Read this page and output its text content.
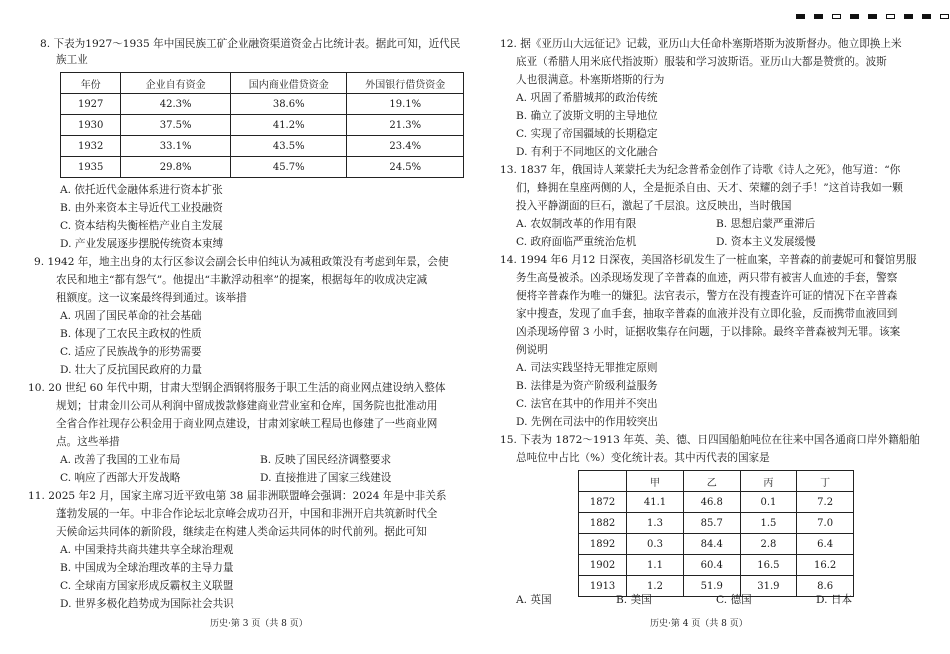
8. 下表为1927～1935 年中国民族工矿企业融资渠道资金占比统计表。据此可知，近代民
族工业
年份	企业自有资金	国内商业借贷资金	外国银行借贷资金
1927	42.3%	38.6%	19.1%
1930	37.5%	41.2%	21.3%
1932	33.1%	43.5%	23.4%
1935	29.8%	45.7%	24.5%
A. 依托近代金融体系进行资本扩张
B. 由外来资本主导近代工业投融资
C. 资本结构失衡桎梏产业自主发展
D. 产业发展逐步摆脱传统资本束缚
9. 1942 年，地主出身的太行区参议会副会长申伯纯认为减租政策没有考虑到年景，会使
农民和地主“都有怨气”。他提出“丰歉浮动租率”的提案，根据每年的收成决定减
租额度。这一议案最终得到通过。该举措
A. 巩固了国民革命的社会基础
B. 体现了工农民主政权的性质
C. 适应了民族战争的形势需要
D. 壮大了反抗国民政府的力量
10. 20 世纪 60 年代中期，甘肃大型钢企酒钢将服务于职工生活的商业网点建设纳入整体
规划；甘肃金川公司从利润中留成拨款修建商业营业室和仓库，国务院也批准动用
全省合作社现存公积金用于商业网点建设，甘肃刘家峡工程局也修建了一些商业网
点。这些举措
A. 改善了我国的工业布局	B. 反映了国民经济调整要求
C. 响应了西部大开发战略	D. 直接推进了国家三线建设
11. 2025 年2 月，国家主席习近平致电第 38 届非洲联盟峰会强调：2024 年是中非关系
蓬勃发展的一年。中非合作论坛北京峰会成功召开，中国和非洲开启共筑新时代全
天候命运共同体的新阶段，继续走在构建人类命运共同体的时代前列。据此可知
A. 中国秉持共商共建共享全球治理观
B. 中国成为全球治理改革的主导力量
C. 全球南方国家形成反霸权主义联盟
D. 世界多极化趋势成为国际社会共识
历史·第 3 页（共 8 页）
12. 据《亚历山大远征记》记载，亚历山大任命朴塞斯塔斯为波斯督办。他立即换上米
底亚（希腊人用米底代指波斯）服装和学习波斯语。亚历山大都是赞赏的。波斯
人也很满意。朴塞斯塔斯的行为
A. 巩固了希腊城邦的政治传统
B. 确立了波斯文明的主导地位
C. 实现了帝国疆域的长期稳定
D. 有利于不同地区的文化融合
13. 1837 年，俄国诗人莱蒙托夫为纪念普希金创作了诗歌《诗人之死》，他写道：“你
们，蜂拥在皇座两侧的人，全是扼杀自由、天才、荣耀的刽子手！”这首诗我如一颗
投入平静湖面的巨石，激起了千层浪。这反映出，当时俄国
A. 农奴制改革的作用有限	B. 思想启蒙严重滞后
C. 政府面临严重统治危机	D. 资本主义发展缓慢
14. 1994 年6 月12 日深夜，美国洛杉矶发生了一桩血案，辛普森的前妻妮可和餐馆男服
务生高曼被杀。凶杀现场发现了辛普森的血迹，两只带有被害人血迹的手套，警察
便将辛普森作为唯一的嫌犯。法官表示，警方在没有搜查许可证的情况下在辛普森
家中搜查，发现了血手套，抽取辛普森的血液并没有立即化验，反而携带血液回到
凶杀现场停留 3 小时，证据收集存在问题，于以排除。最终辛普森被判无罪。该案
例说明
A. 司法实践坚持无罪推定原则
B. 法律是为资产阶级利益服务
C. 法官在其中的作用并不突出
D. 先例在司法中的作用较突出
15. 下表为 1872～1913 年英、美、德、日四国船舶吨位在往来中国各通商口岸外籍船舶
总吨位中占比（%）变化统计表。其中丙代表的国家是
	甲	乙	丙	丁
1872	41.1	46.8	0.1	7.2
1882	1.3	85.7	1.5	7.0
1892	0.3	84.4	2.8	6.4
1902	1.1	60.4	16.5	16.2
1913	1.2	51.9	31.9	8.6
A. 英国	B. 美国	C. 德国	D. 日本
历史·第 4 页（共 8 页）
